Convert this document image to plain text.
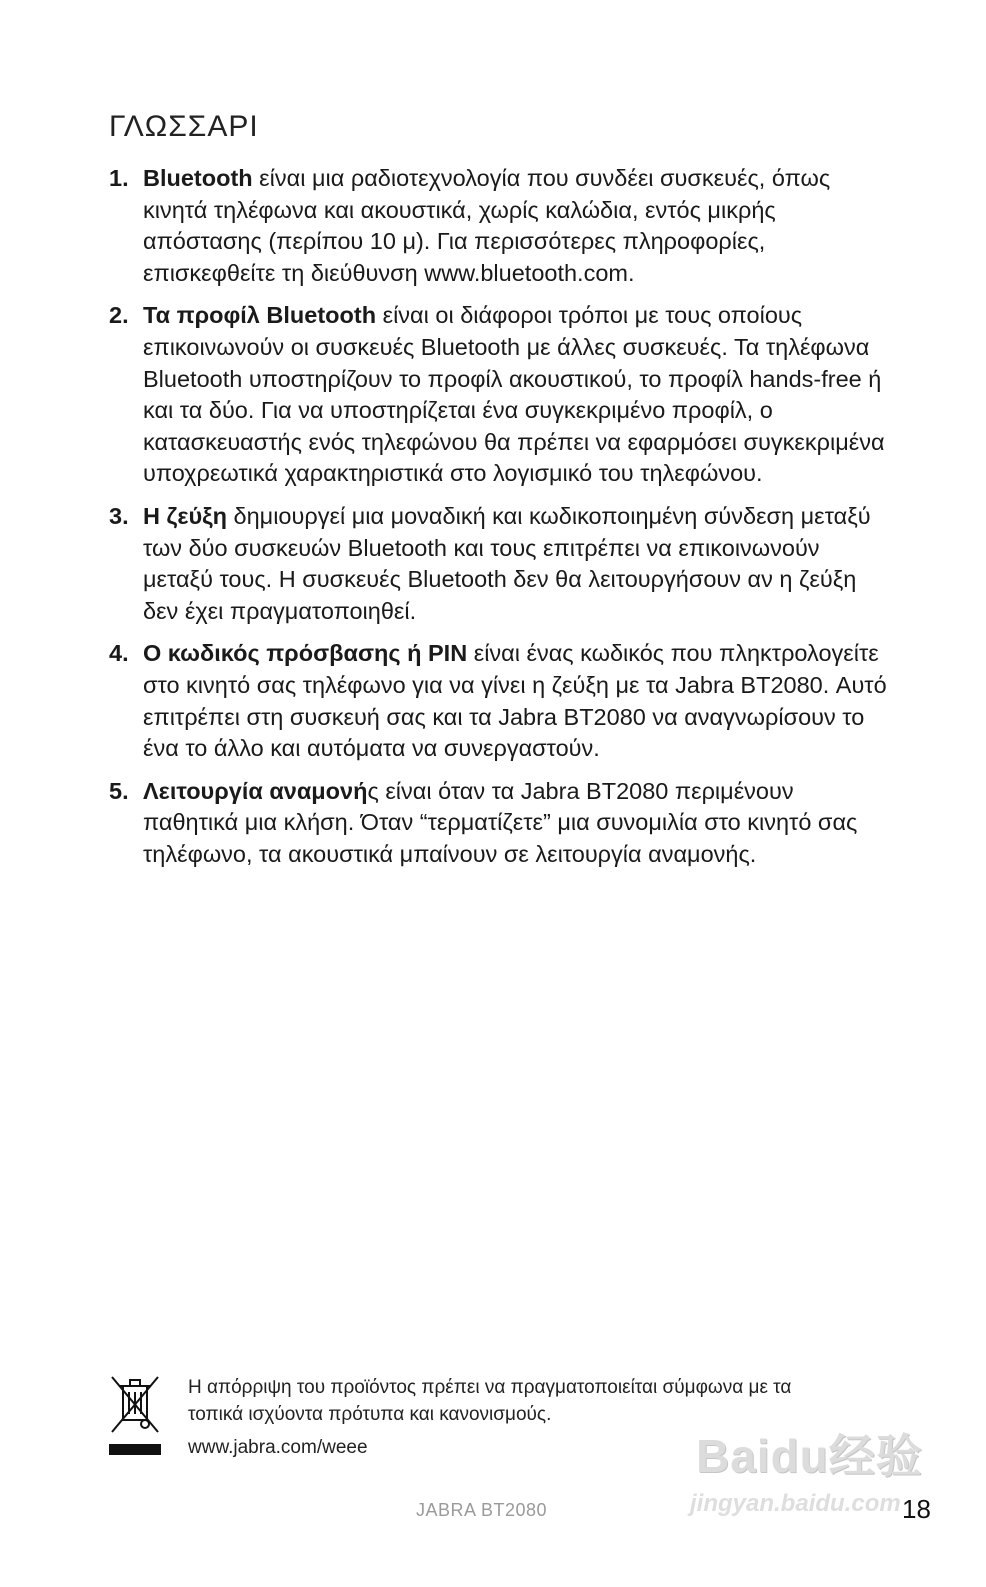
ΓΛΩΣΣΑΡΙ
1. Bluetooth είναι μια ραδιοτεχνολογία που συνδέει συσκευές, όπως κινητά τηλέφωνα και ακουστικά, χωρίς καλώδια, εντός μικρής απόστασης (περίπου 10 μ). Για περισσότερες πληροφορίες, επισκεφθείτε τη διεύθυνση www.bluetooth.com.
2. Τα προφίλ Bluetooth είναι οι διάφοροι τρόποι με τους οποίους επικοινωνούν οι συσκευές Bluetooth με άλλες συσκευές. Τα τηλέφωνα Bluetooth υποστηρίζουν το προφίλ ακουστικού, το προφίλ hands-free ή και τα δύο. Για να υποστηρίζεται ένα συγκεκριμένο προφίλ, ο κατασκευαστής ενός τηλεφώνου θα πρέπει να εφαρμόσει συγκεκριμένα υποχρεωτικά χαρακτηριστικά στο λογισμικό του τηλεφώνου.
3. Η ζεύξη δημιουργεί μια μοναδική και κωδικοποιημένη σύνδεση μεταξύ των δύο συσκευών Bluetooth και τους επιτρέπει να επικοινωνούν μεταξύ τους. Η συσκευές Bluetooth δεν θα λειτουργήσουν αν η ζεύξη δεν έχει πραγματοποιηθεί.
4. Ο κωδικός πρόσβασης ή PIN είναι ένας κωδικός που πληκτρολογείτε στο κινητό σας τηλέφωνο για να γίνει η ζεύξη με τα Jabra BT2080. Αυτό επιτρέπει στη συσκευή σας και τα Jabra BT2080 να αναγνωρίσουν το ένα το άλλο και αυτόματα να συνεργαστούν.
5. Λειτουργία αναμονής είναι όταν τα Jabra BT2080 περιμένουν παθητικά μια κλήση. Όταν “τερματίζετε” μια συνομιλία στο κινητό σας τηλέφωνο, τα ακουστικά μπαίνουν σε λειτουργία αναμονής.
Η απόρριψη του προϊόντος πρέπει να πραγματοποιείται σύμφωνα με τα τοπικά ισχύοντα πρότυπα και κανονισμούς.
www.jabra.com/weee
JABRA BT2080	18
Baidu经验
jingyan.baidu.com
